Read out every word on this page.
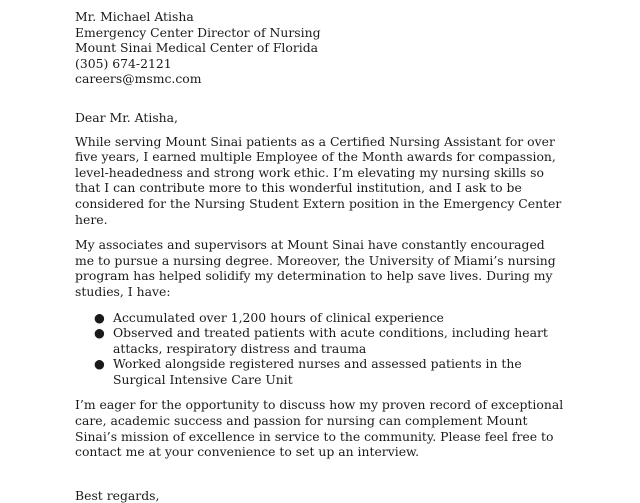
Mr. Michael Atisha
Emergency Center Director of Nursing
Mount Sinai Medical Center of Florida
(305) 674-2121
careers@msmc.com

Dear Mr. Atisha,

While serving Mount Sinai patients as a Certified Nursing Assistant for over five years, I earned multiple Employee of the Month awards for compassion, level-headedness and strong work ethic. I’m elevating my nursing skills so that I can contribute more to this wonderful institution, and I ask to be considered for the Nursing Student Extern position in the Emergency Center here.

My associates and supervisors at Mount Sinai have constantly encouraged me to pursue a nursing degree. Moreover, the University of Miami’s nursing program has helped solidify my determination to help save lives. During my studies, I have:

● Accumulated over 1,200 hours of clinical experience
● Observed and treated patients with acute conditions, including heart attacks, respiratory distress and trauma
● Worked alongside registered nurses and assessed patients in the Surgical Intensive Care Unit

I’m eager for the opportunity to discuss how my proven record of exceptional care, academic success and passion for nursing can complement Mount Sinai’s mission of excellence in service to the community. Please feel free to contact me at your convenience to set up an interview.

Best regards,
